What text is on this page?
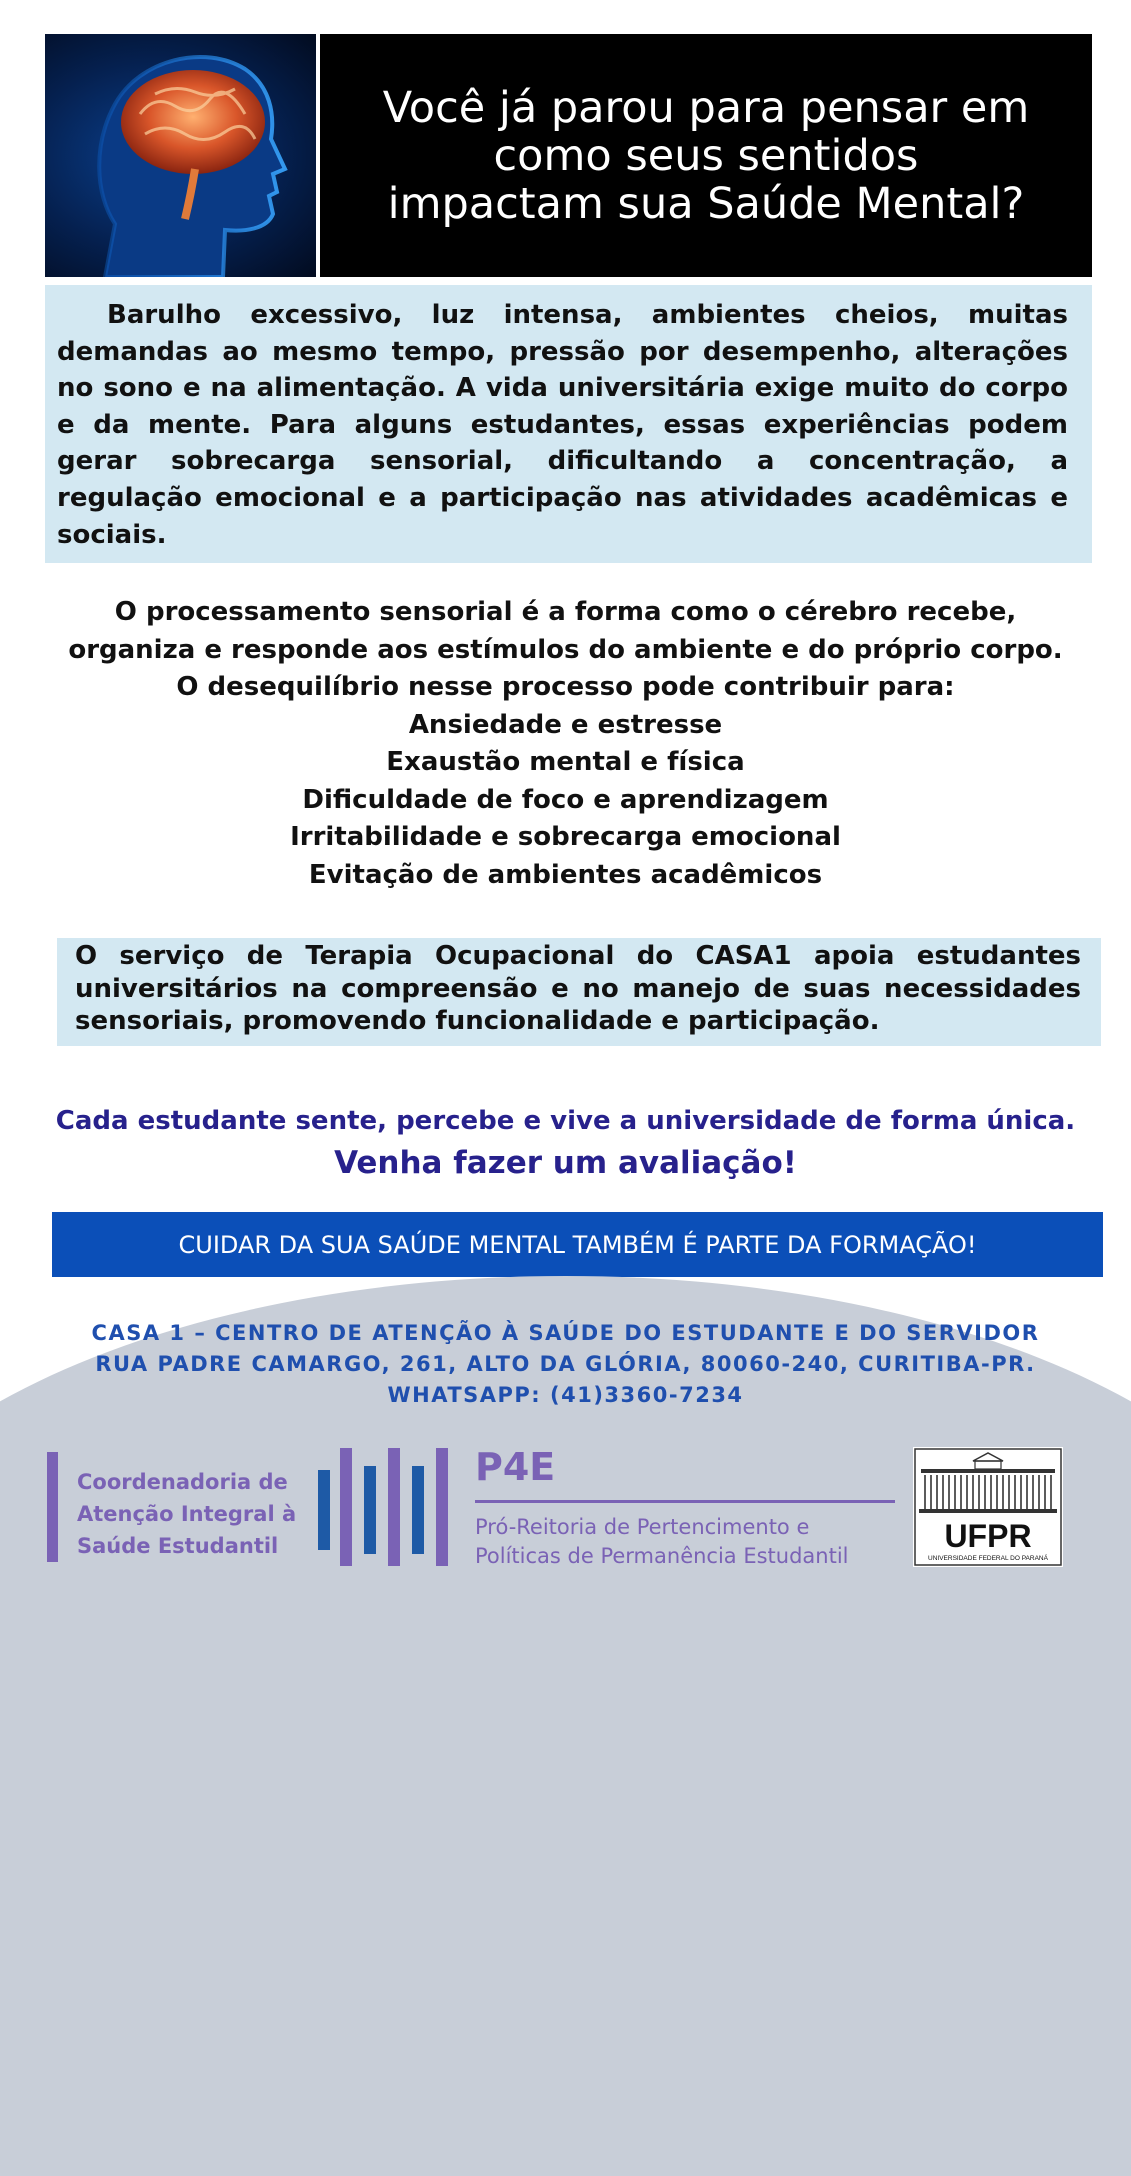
Você já parou para pensar em
como seus sentidos
impactam sua Saúde Mental?

Barulho excessivo, luz intensa, ambientes cheios, muitas demandas ao mesmo tempo, pressão por desempenho, alterações no sono e na alimentação. A vida universitária exige muito do corpo e da mente. Para alguns estudantes, essas experiências podem gerar sobrecarga sensorial, dificultando a concentração, a regulação emocional e a participação nas atividades acadêmicas e sociais.

O processamento sensorial é a forma como o cérebro recebe,
organiza e responde aos estímulos do ambiente e do próprio corpo.
O desequilíbrio nesse processo pode contribuir para:
Ansiedade e estresse
Exaustão mental e física
Dificuldade de foco e aprendizagem
Irritabilidade e sobrecarga emocional
Evitação de ambientes acadêmicos

O serviço de Terapia Ocupacional do CASA1 apoia estudantes universitários na compreensão e no manejo de suas necessidades sensoriais, promovendo funcionalidade e participação.

Cada estudante sente, percebe e vive a universidade de forma única.
Venha fazer um avaliação!
CUIDAR DA SUA SAÚDE MENTAL TAMBÉM É PARTE DA FORMAÇÃO!
CASA 1 – CENTRO DE ATENÇÃO À SAÚDE DO ESTUDANTE E DO SERVIDOR
RUA PADRE CAMARGO, 261, ALTO DA GLÓRIA, 80060-240, CURITIBA-PR.
WHATSAPP: (41)3360-7234
Coordenadoria de
Atenção Integral à
Saúde Estudantil
P4E
Pró-Reitoria de Pertencimento e
Políticas de Permanência Estudantil
UFPR
UNIVERSIDADE FEDERAL DO PARANÁ
